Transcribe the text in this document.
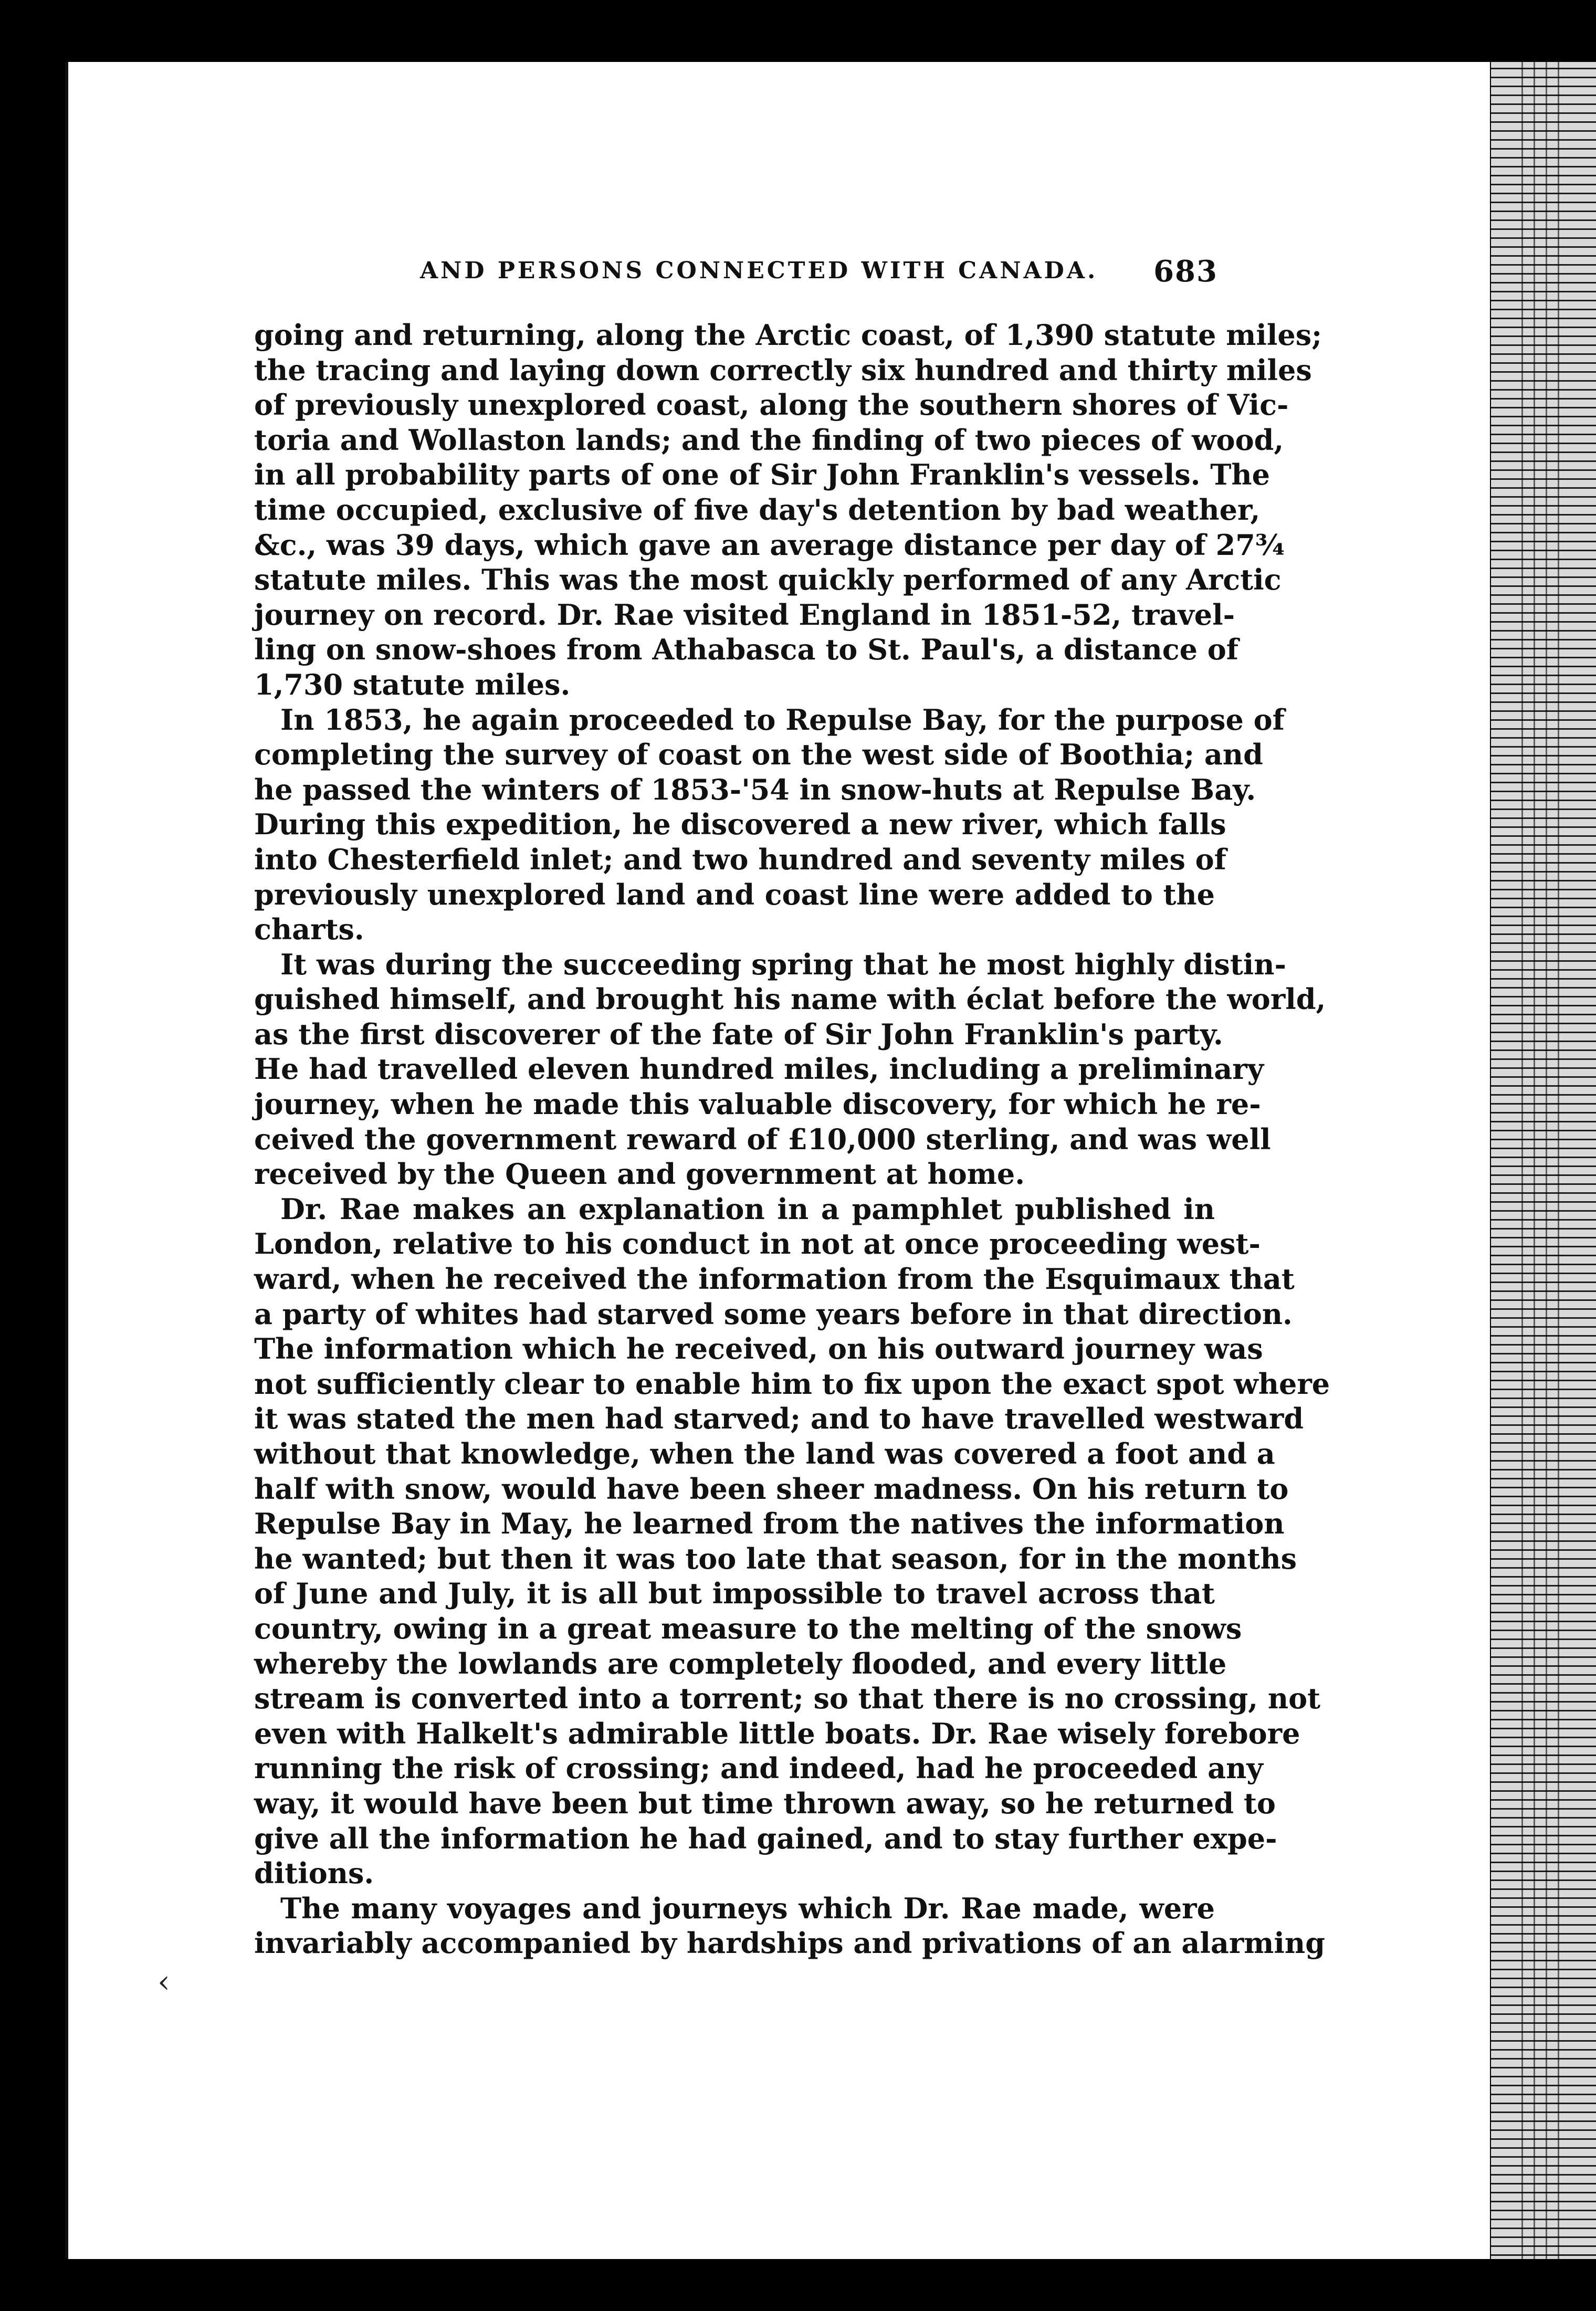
AND PERSONS CONNECTED WITH CANADA. 683
going and returning, along the Arctic coast, of 1,390 statute miles;
the tracing and laying down correctly six hundred and thirty miles
of previously unexplored coast, along the southern shores of Vic-
toria and Wollaston lands; and the finding of two pieces of wood,
in all probability parts of one of Sir John Franklin's vessels. The
time occupied, exclusive of five day's detention by bad weather,
&c., was 39 days, which gave an average distance per day of 27¾
statute miles. This was the most quickly performed of any Arctic
journey on record. Dr. Rae visited England in 1851-52, travel-
ling on snow-shoes from Athabasca to St. Paul's, a distance of
1,730 statute miles.
In 1853, he again proceeded to Repulse Bay, for the purpose of
completing the survey of coast on the west side of Boothia; and
he passed the winters of 1853-'54 in snow-huts at Repulse Bay.
During this expedition, he discovered a new river, which falls
into Chesterfield inlet; and two hundred and seventy miles of
previously unexplored land and coast line were added to the
charts.
It was during the succeeding spring that he most highly distin-
guished himself, and brought his name with éclat before the world,
as the first discoverer of the fate of Sir John Franklin's party.
He had travelled eleven hundred miles, including a preliminary
journey, when he made this valuable discovery, for which he re-
ceived the government reward of £10,000 sterling, and was well
received by the Queen and government at home.
Dr. Rae makes an explanation in a pamphlet published in
London, relative to his conduct in not at once proceeding west-
ward, when he received the information from the Esquimaux that
a party of whites had starved some years before in that direction.
The information which he received, on his outward journey was
not sufficiently clear to enable him to fix upon the exact spot where
it was stated the men had starved; and to have travelled westward
without that knowledge, when the land was covered a foot and a
half with snow, would have been sheer madness. On his return to
Repulse Bay in May, he learned from the natives the information
he wanted; but then it was too late that season, for in the months
of June and July, it is all but impossible to travel across that
country, owing in a great measure to the melting of the snows
whereby the lowlands are completely flooded, and every little
stream is converted into a torrent; so that there is no crossing, not
even with Halkelt's admirable little boats. Dr. Rae wisely forebore
running the risk of crossing; and indeed, had he proceeded any
way, it would have been but time thrown away, so he returned to
give all the information he had gained, and to stay further expe-
ditions.
The many voyages and journeys which Dr. Rae made, were
invariably accompanied by hardships and privations of an alarming
‹
